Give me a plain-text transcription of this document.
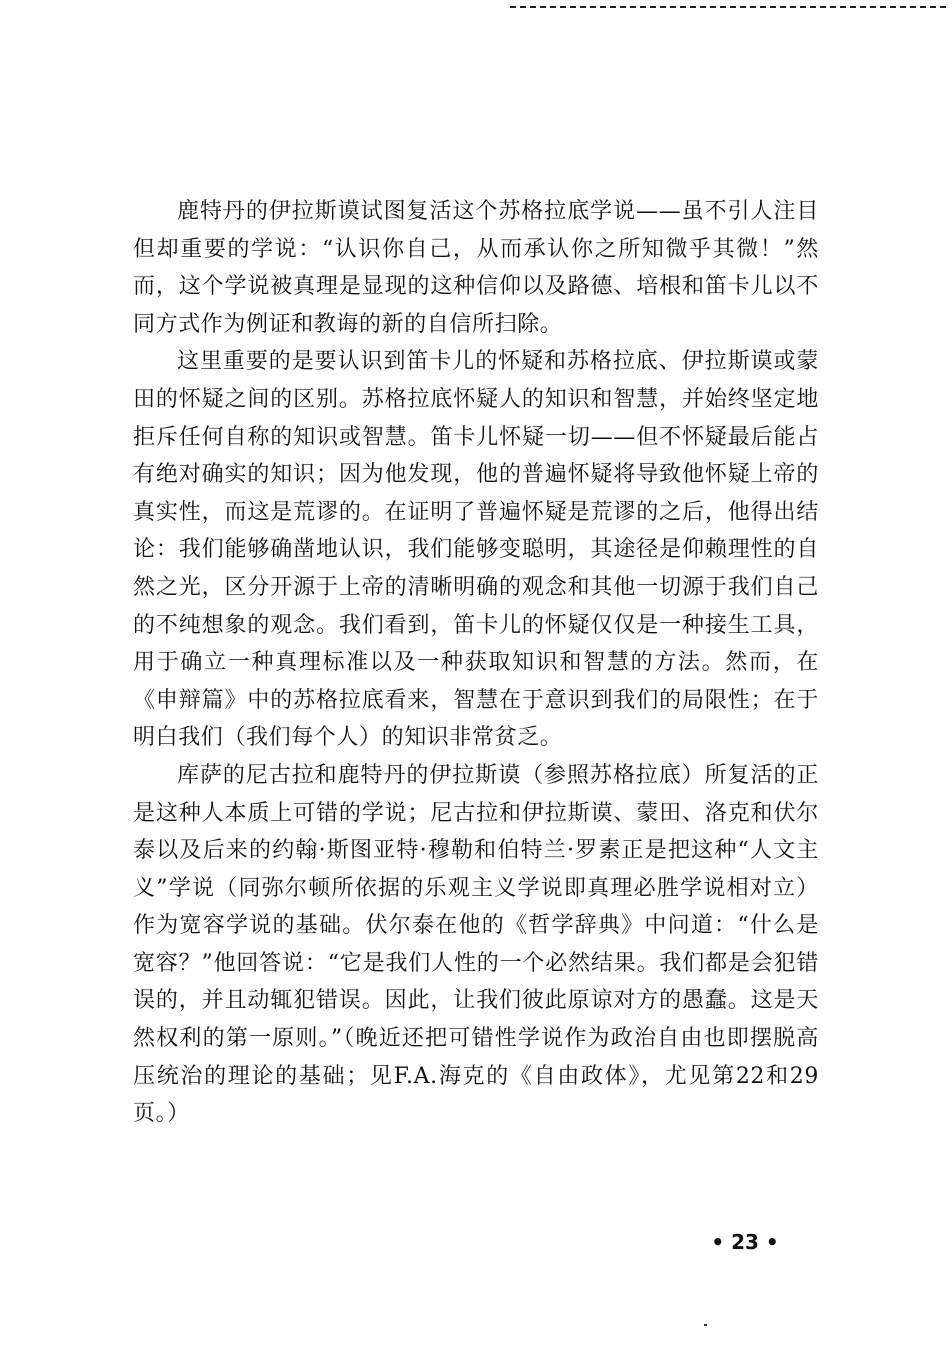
鹿特丹的伊拉斯谟试图复活这个苏格拉底学说——虽不引人注目但却重要的学说：“认识你自己，从而承认你之所知微乎其微！”然而，这个学说被真理是显现的这种信仰以及路德、培根和笛卡儿以不同方式作为例证和教诲的新的自信所扫除。

这里重要的是要认识到笛卡儿的怀疑和苏格拉底、伊拉斯谟或蒙田的怀疑之间的区别。苏格拉底怀疑人的知识和智慧，并始终坚定地拒斥任何自称的知识或智慧。笛卡儿怀疑一切——但不怀疑最后能占有绝对确实的知识；因为他发现，他的普遍怀疑将导致他怀疑上帝的真实性，而这是荒谬的。在证明了普遍怀疑是荒谬的之后，他得出结论：我们能够确凿地认识，我们能够变聪明，其途径是仰赖理性的自然之光，区分开源于上帝的清晰明确的观念和其他一切源于我们自己的不纯想象的观念。我们看到，笛卡儿的怀疑仅仅是一种接生工具，用于确立一种真理标准以及一种获取知识和智慧的方法。然而，在《申辩篇》中的苏格拉底看来，智慧在于意识到我们的局限性；在于明白我们（我们每个人）的知识非常贫乏。

库萨的尼古拉和鹿特丹的伊拉斯谟（参照苏格拉底）所复活的正是这种人本质上可错的学说；尼古拉和伊拉斯谟、蒙田、洛克和伏尔泰以及后来的约翰·斯图亚特·穆勒和伯特兰·罗素正是把这种“人文主义”学说（同弥尔顿所依据的乐观主义学说即真理必胜学说相对立）作为宽容学说的基础。伏尔泰在他的《哲学辞典》中问道：“什么是宽容？”他回答说：“它是我们人性的一个必然结果。我们都是会犯错误的，并且动辄犯错误。因此，让我们彼此原谅对方的愚蠢。这是天然权利的第一原则。”（晚近还把可错性学说作为政治自由也即摆脱高压统治的理论的基础；见F.A.海克的《自由政体》，尤见第22和29页。）

• 23 •
